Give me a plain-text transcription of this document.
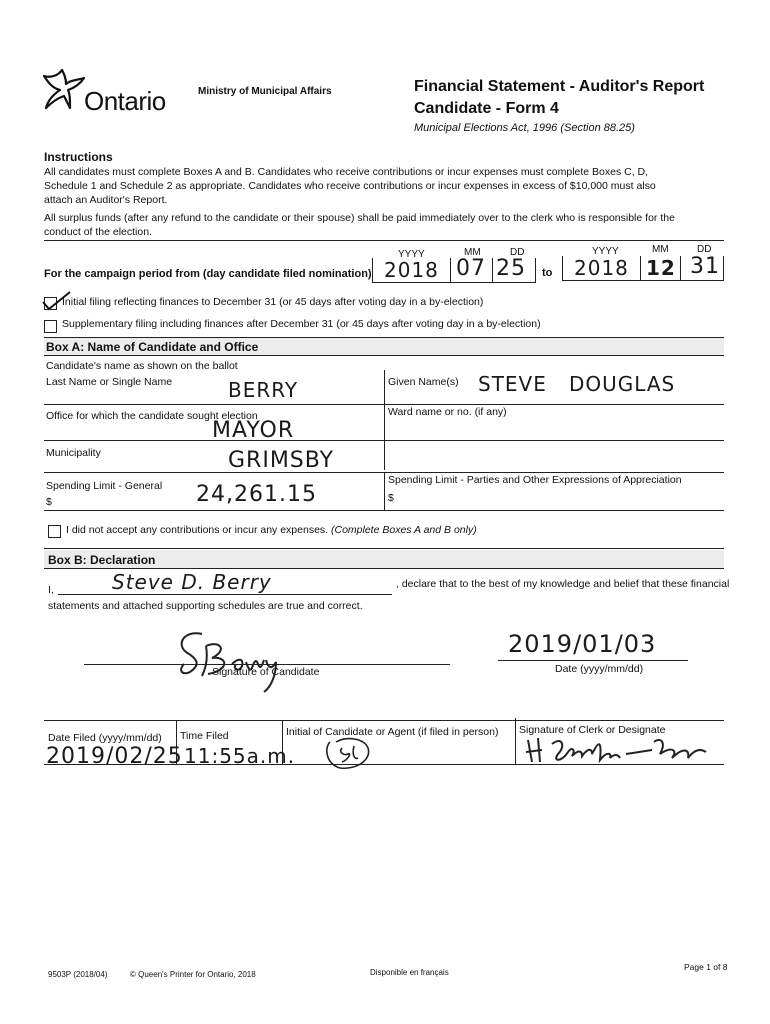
Ontario	Ministry of Municipal Affairs	Financial Statement - Auditor's Report
Candidate - Form 4
Municipal Elections Act, 1996 (Section 88.25)
Instructions
All candidates must complete Boxes A and B. Candidates who receive contributions or incur expenses must complete Boxes C, D,
Schedule 1 and Schedule 2 as appropriate. Candidates who receive contributions or incur expenses in excess of $10,000 must also
attach an Auditor's Report.
All surplus funds (after any refund to the candidate or their spouse) shall be paid immediately over to the clerk who is responsible for the
conduct of the election.
YYYY	MM	DD	YYYY	MM	DD
For the campaign period from (day candidate filed nomination)	to
2018 07 25 2018 12 31
Initial filing reflecting finances to December 31 (or 45 days after voting day in a by-election)
Supplementary filing including finances after December 31 (or 45 days after voting day in a by-election)
Box A: Name of Candidate and Office
Candidate's name as shown on the ballot
Last Name or Single Name	BERRY	Given Name(s) STEVE   DOUGLAS
Office for which the candidate sought election
MAYOR
Ward name or no. (if any)
Municipality	GRIMSBY
Spending Limit - General
$	24,261.15
Spending Limit - Parties and Other Expressions of Appreciation
$
I did not accept any contributions or incur any expenses. (Complete Boxes A and B only)
Box B: Declaration
I,	Steve D. Berry	, declare that to the best of my knowledge and belief that these financial
statements and attached supporting schedules are true and correct.
Signature of Candidate
2019/01/03
Date (yyyy/mm/dd)
Date Filed (yyyy/mm/dd)
2019/02/25
Time Filed
11:55a.m.
Initial of Candidate or Agent (if filed in person) Signature of Clerk or Designate
9503P (2018/04)	© Queen's Printer for Ontario, 2018	Disponible en français
Page 1 of 8
